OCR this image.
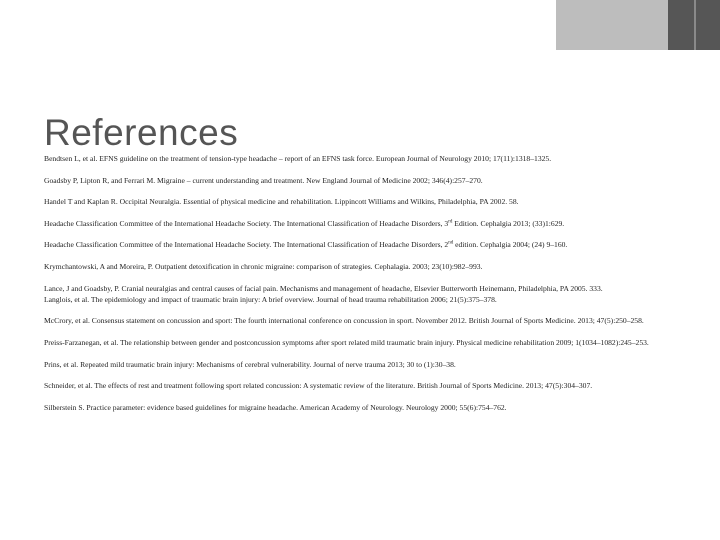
References
Bendtsen L, et al. EFNS guideline on the treatment of tension-type headache – report of an EFNS task force. European Journal of Neurology 2010; 17(11):1318–1325.
Goadsby P, Lipton R, and Ferrari M. Migraine – current understanding and treatment. New England Journal of Medicine 2002; 346(4):257–270.
Handel T and Kaplan R. Occipital Neuralgia. Essential of physical medicine and rehabilitation. Lippincott Williams and Wilkins, Philadelphia, PA 2002. 58.
Headache Classification Committee of the International Headache Society. The International Classification of Headache Disorders, 3rd Edition. Cephalgia 2013; (33)1:629.
Headache Classification Committee of the International Headache Society. The International Classification of Headache Disorders, 2nd edition. Cephalgia 2004; (24) 9–160.
Krymchantowski, A and Moreira, P. Outpatient detoxification in chronic migraine: comparison of strategies. Cephalagia. 2003; 23(10):982–993.
Lance, J and Goadsby, P. Cranial neuralgias and central causes of facial pain. Mechanisms and management of headache, Elsevier Butterworth Heinemann, Philadelphia, PA 2005. 333.
Langlois, et al. The epidemiology and impact of traumatic brain injury: A brief overview. Journal of head trauma rehabilitation 2006; 21(5):375–378.
McCrory, et al. Consensus statement on concussion and sport: The fourth international conference on concussion in sport. November 2012. British Journal of Sports Medicine. 2013; 47(5):250–258.
Preiss-Farzanegan, et al. The relationship between gender and postconcussion symptoms after sport related mild traumatic brain injury. Physical medicine rehabilitation 2009; 1(1034–1082):245–253.
Prins, et al. Repeated mild traumatic brain injury: Mechanisms of cerebral vulnerability. Journal of nerve trauma 2013; 30 to (1):30–38.
Schneider, et al. The effects of rest and treatment following sport related concussion: A systematic review of the literature. British Journal of Sports Medicine. 2013; 47(5):304–307.
Silberstein S. Practice parameter: evidence based guidelines for migraine headache. American Academy of Neurology. Neurology 2000; 55(6):754–762.
